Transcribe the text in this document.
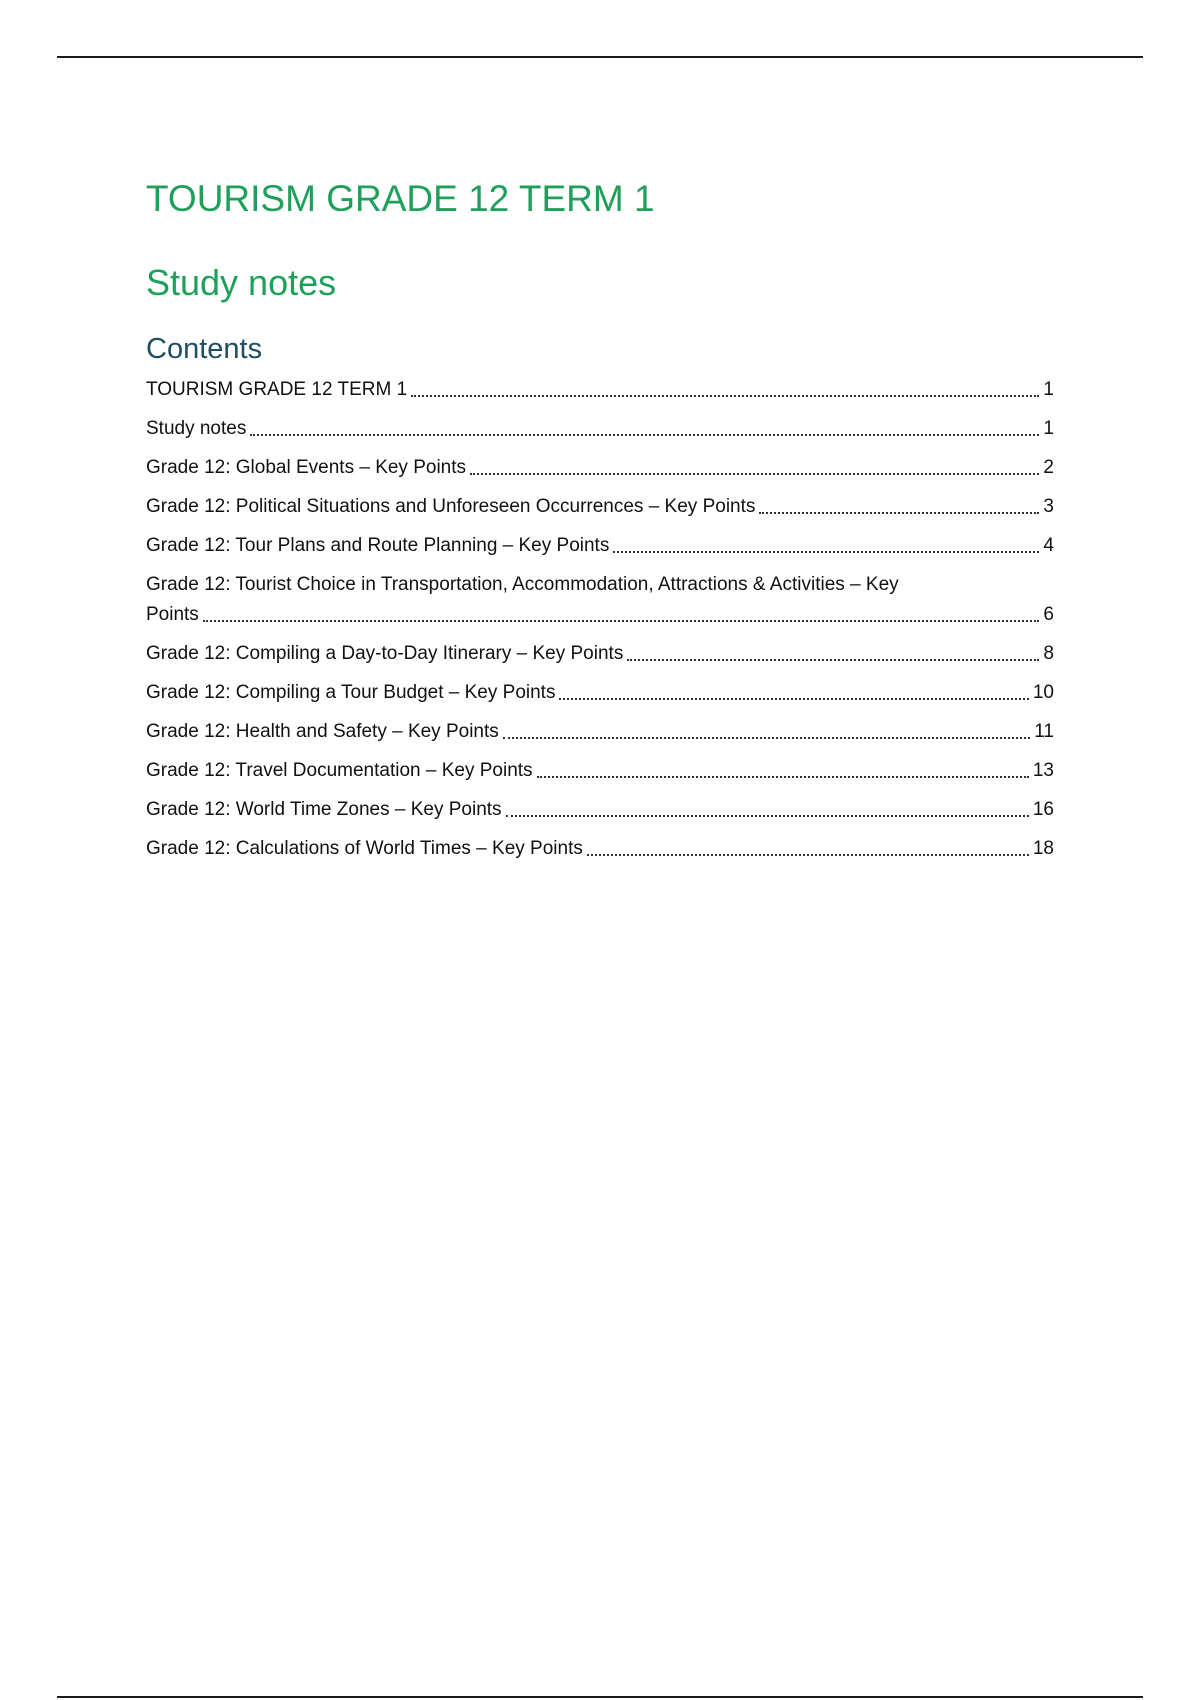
TOURISM GRADE 12 TERM 1
Study notes
Contents
TOURISM GRADE 12 TERM 1	1
Study notes	1
Grade 12: Global Events – Key Points	2
Grade 12: Political Situations and Unforeseen Occurrences – Key Points	3
Grade 12: Tour Plans and Route Planning – Key Points	4
Grade 12: Tourist Choice in Transportation, Accommodation, Attractions & Activities – Key
Points	6
Grade 12: Compiling a Day-to-Day Itinerary – Key Points	8
Grade 12: Compiling a Tour Budget – Key Points	10
Grade 12: Health and Safety – Key Points	11
Grade 12: Travel Documentation – Key Points	13
Grade 12: World Time Zones – Key Points	16
Grade 12: Calculations of World Times – Key Points	18
